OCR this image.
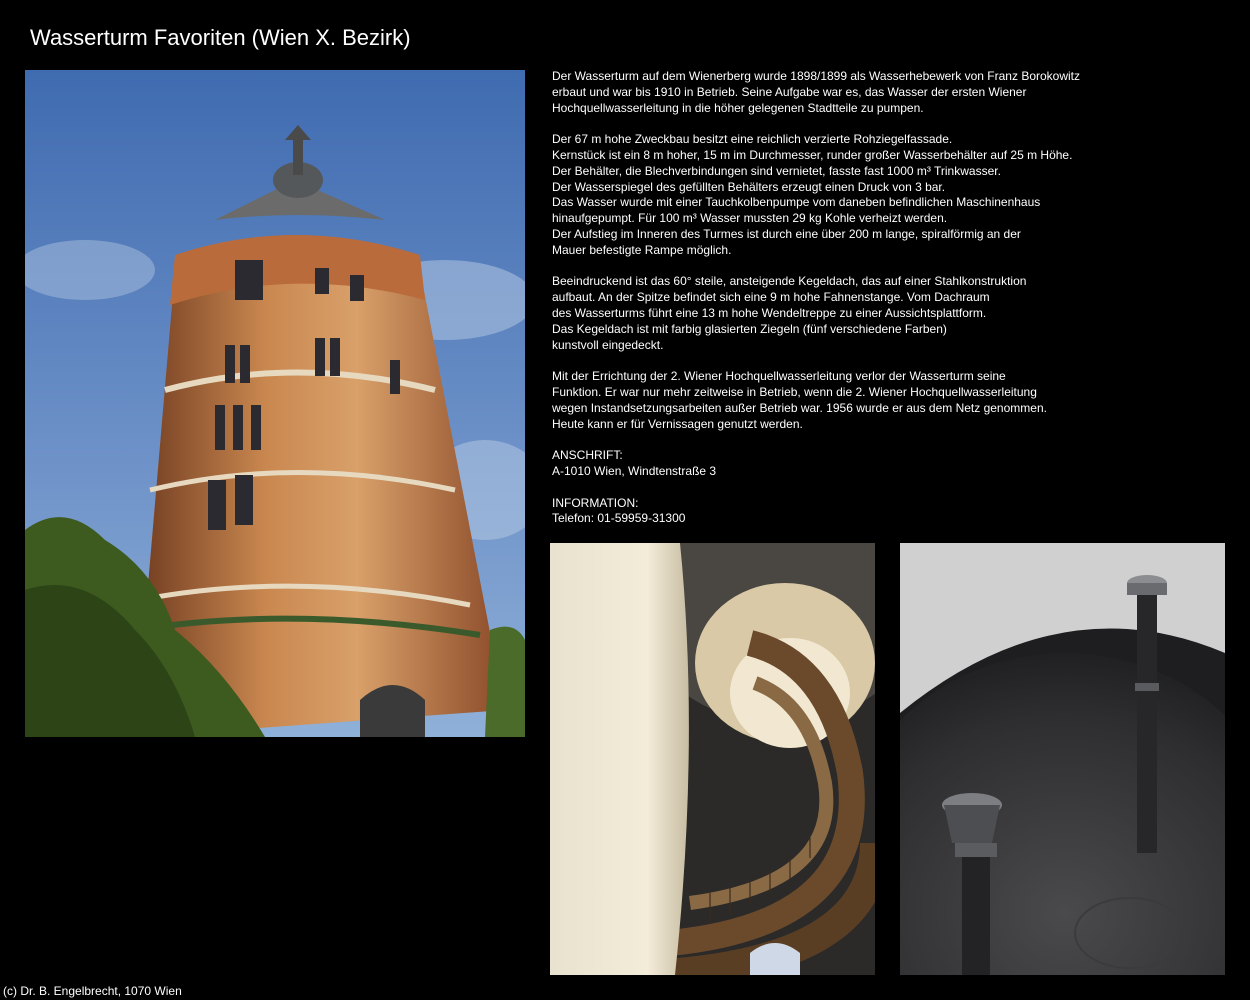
Wasserturm Favoriten (Wien X. Bezirk)
Der Wasserturm auf dem Wienerberg wurde 1898/1899 als Wasserhebewerk von Franz Borokowitz
erbaut und war bis 1910 in Betrieb. Seine Aufgabe war es, das Wasser der ersten Wiener
Hochquellwasserleitung in die höher gelegenen Stadtteile zu pumpen.
Der 67 m hohe Zweckbau besitzt eine reichlich verzierte Rohziegelfassade.
Kernstück ist ein 8 m hoher, 15 m im Durchmesser, runder großer Wasserbehälter auf 25 m Höhe.
Der Behälter, die Blechverbindungen sind vernietet, fasste fast 1000 m³ Trinkwasser.
Der Wasserspiegel des gefüllten Behälters erzeugt einen Druck von 3 bar.
Das Wasser wurde mit einer Tauchkolbenpumpe vom daneben befindlichen Maschinenhaus
hinaufgepumpt. Für 100 m³ Wasser mussten 29 kg Kohle verheizt werden.
Der Aufstieg im Inneren des Turmes ist durch eine über 200 m lange, spiralförmig an der
Mauer befestigte Rampe möglich.
Beeindruckend ist das 60° steile, ansteigende Kegeldach, das auf einer Stahlkonstruktion
aufbaut. An der Spitze befindet sich eine 9 m hohe Fahnenstange. Vom Dachraum
des Wasserturms führt eine 13 m hohe Wendeltreppe zu einer Aussichtsplattform.
Das Kegeldach ist mit farbig glasierten Ziegeln (fünf verschiedene Farben)
kunstvoll eingedeckt.
Mit der Errichtung der 2. Wiener Hochquellwasserleitung verlor der Wasserturm seine
Funktion. Er war nur mehr zeitweise in Betrieb, wenn die 2. Wiener Hochquellwasserleitung
wegen Instandsetzungsarbeiten außer Betrieb war. 1956 wurde er aus dem Netz genommen.
Heute kann er für Vernissagen genutzt werden.
ANSCHRIFT:
A-1010 Wien, Windtenstraße 3
INFORMATION:
Telefon: 01-59959-31300
(c) Dr. B. Engelbrecht, 1070 Wien
